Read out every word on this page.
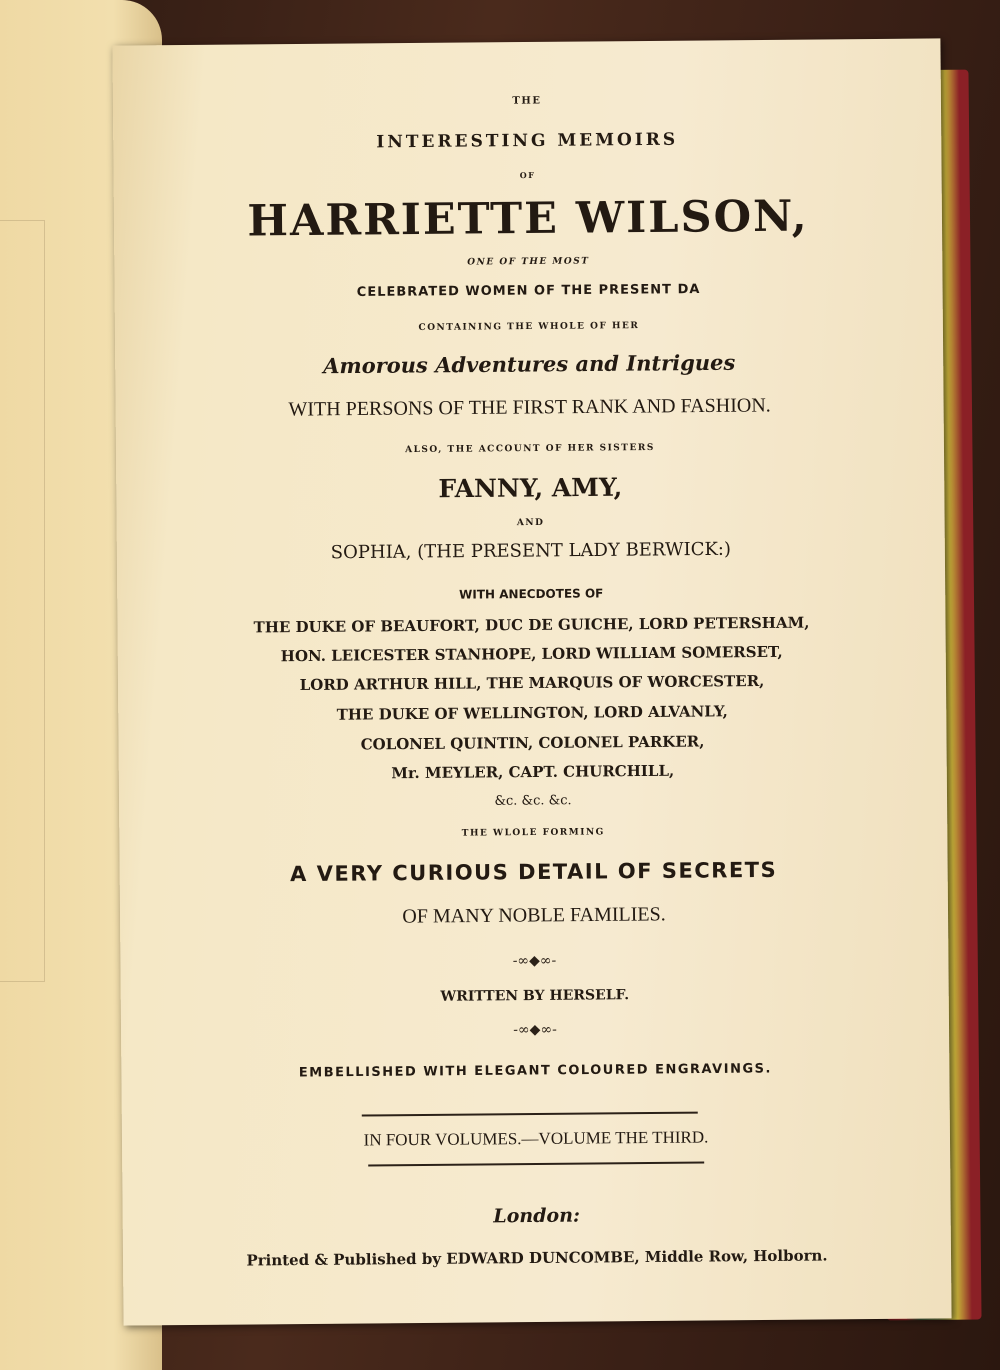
THE
INTERESTING MEMOIRS
OF
HARRIETTE WILSON,
ONE OF THE MOST
CELEBRATED WOMEN OF THE PRESENT DA
CONTAINING THE WHOLE OF HER
Amorous Adventures and Intrigues
WITH PERSONS OF THE FIRST RANK AND FASHION.
ALSO, THE ACCOUNT OF HER SISTERS
FANNY, AMY,
AND
SOPHIA, (THE PRESENT LADY BERWICK:)
WITH ANECDOTES OF
THE DUKE OF BEAUFORT, DUC DE GUICHE, LORD PETERSHAM,
HON. LEICESTER STANHOPE, LORD WILLIAM SOMERSET,
LORD ARTHUR HILL, THE MARQUIS OF WORCESTER,
THE DUKE OF WELLINGTON, LORD ALVANLY,
COLONEL QUINTIN, COLONEL PARKER,
Mr. MEYLER, CAPT. CHURCHILL,
&c. &c. &c.
THE WLOLE FORMING
A VERY CURIOUS DETAIL OF SECRETS
OF MANY NOBLE FAMILIES.
-∞◆∞-
WRITTEN BY HERSELF.
-∞◆∞-
EMBELLISHED WITH ELEGANT COLOURED ENGRAVINGS.
IN FOUR VOLUMES.—VOLUME THE THIRD.
London:
Printed & Published by EDWARD DUNCOMBE, Middle Row, Holborn.
